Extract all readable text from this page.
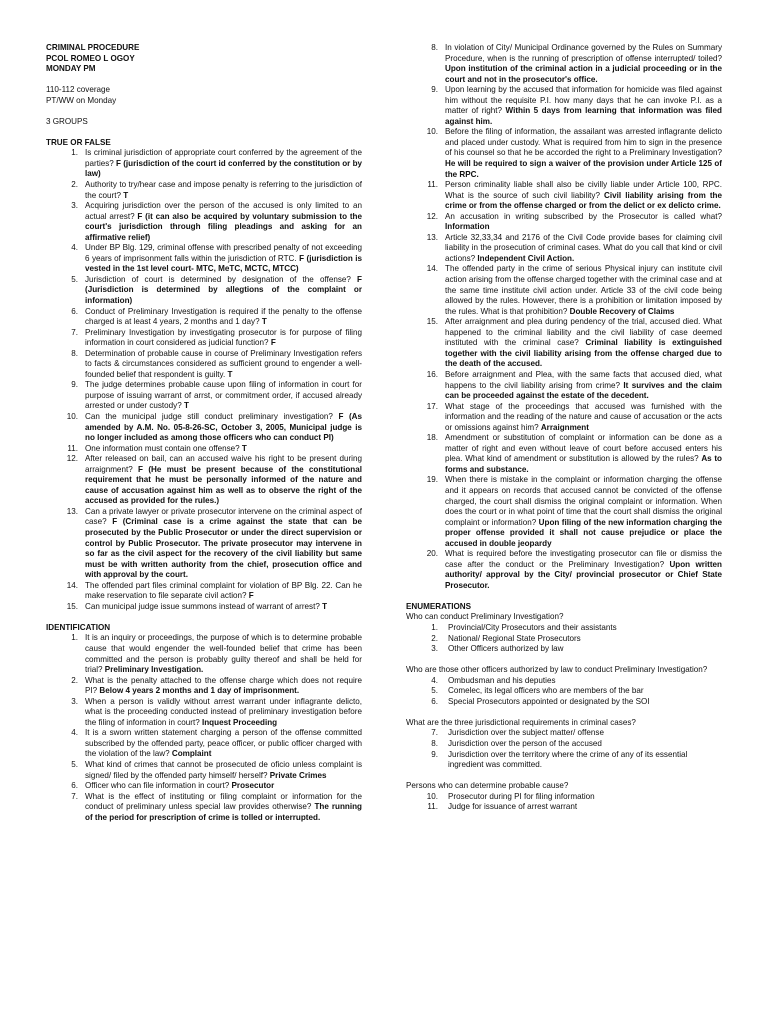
CRIMINAL PROCEDURE
PCOL ROMEO L OGOY
MONDAY PM
110-112 coverage
PT/WW on Monday
3 GROUPS
TRUE OR FALSE
1. Is criminal jurisdiction of appropriate court conferred by the agreement of the parties? F (jurisdiction of the court id conferred by the constitution or by law)
2. Authority to try/hear case and impose penalty is referring to the jurisdiction of the court? T
3. Acquiring jurisdiction over the person of the accused is only limited to an actual arrest? F (it can also be acquired by voluntary submission to the court's jurisdiction through filing pleadings and asking for an affirmative relief)
4. Under BP Blg. 129, criminal offense with prescribed penalty of not exceeding 6 years of imprisonment falls within the jurisdiction of RTC. F (jurisdiction is vested in the 1st level court- MTC, MeTC, MCTC, MTCC)
5. Jurisdiction of court is determined by designation of the offense? F (Jurisdiction is determined by allegtions of the complaint or information)
6. Conduct of Preliminary Investigation is required if the penalty to the offense charged is at least 4 years, 2 months and 1 day? T
7. Preliminary Investigation by investigating prosecutor is for purpose of filing information in court considered as judicial function? F
8. Determination of probable cause in course of Preliminary Investigation refers to facts & circumstances considered as sufficient ground to engender a well-founded belief that respondent is guilty. T
9. The judge determines probable cause upon filing of information in court for purpose of issuing warrant of arrst, or commitment order, if accused already arrested or under custody? T
10. Can the municipal judge still conduct preliminary investigation? F (As amended by A.M. No. 05-8-26-SC, October 3, 2005, Municipal judge is no longer included as among those officers who can conduct PI)
11. One information must contain one offense? T
12. After released on bail, can an accused waive his right to be present during arraignment? F (He must be present because of the constitutional requirement that he must be personally informed of the nature and cause of accusation against him as well as to observe the right of the accused as provided for the rules.)
13. Can a private lawyer or private prosecutor intervene on the criminal aspect of case? F (Criminal case is a crime against the state that can be prosecuted by the Public Prosecutor or under the direct supervision or control by Public Prosecutor. The private prosecutor may intervene in so far as the civil aspect for the recovery of the civil liability but same must be with written authority from the chief, prosecution office and with approval by the court.
14. The offended part files criminal complaint for violation of BP Blg. 22. Can he make reservation to file separate civil action? F
15. Can municipal judge issue summons instead of warrant of arrest? T
IDENTIFICATION
1. It is an inquiry or proceedings, the purpose of which is to determine probable cause that would engender the well-founded belief that crime has been committed and the person is probably guilty thereof and shall be held for trial? Preliminary Investigation.
2. What is the penalty attached to the offense charge which does not require PI? Below 4 years 2 months and 1 day of imprisonment.
3. When a person is validly without arrest warrant under inflagrante delicto, what is the proceeding conducted instead of preliminary investigation before the filing of information in court? Inquest Proceeding
4. It is a sworn written statement charging a person of the offense committed subscribed by the offended party, peace officer, or public officer charged with the violation of the law? Complaint
5. What kind of crimes that cannot be prosecuted de oficio unless complaint is signed/ filed by the offended party himself/ herself? Private Crimes
6. Officer who can file information in court? Prosecutor
7. What is the effect of instituting or filing complaint or information for the conduct of preliminary unless special law provides otherwise? The running of the period for prescription of crime is tolled or interrupted.
8. In violation of City/ Municipal Ordinance governed by the Rules on Summary Procedure, when is the running of prescription of offense interrupted/ toiled? Upon institution of the criminal action in a judicial proceeding or in the court and not in the prosecutor's office.
9. Upon learning by the accused that information for homicide was filed against him without the requisite P.I. how many days that he can invoke P.I. as a matter of right? Within 5 days from learning that information was filed against him.
10. Before the filing of information, the assailant was arrested inflagrante delicto and placed under custody. What is required from him to sign in the presence of his counsel so that he be accorded the right to a Preliminary Investigation? He will be required to sign a waiver of the provision under Article 125 of the RPC.
11. Person criminality liable shall also be civilly liable under Article 100, RPC. What is the source of such civil liability? Civil liability arising from the crime or from the offense charged or from the delict or ex delicto crime.
12. An accusation in writing subscribed by the Prosecutor is called what? Information
13. Article 32,33,34 and 2176 of the Civil Code provide bases for claiming civil liability in the prosecution of criminal cases. What do you call that kind or civil actions? Independent Civil Action.
14. The offended party in the crime of serious Physical injury can institute civil action arising from the offense charged together with the criminal case and at the same time institute civil action under. Article 33 of the civil code being allowed by the rules. However, there is a prohibition or limitation imposed by the rules. What is that prohibition? Double Recovery of Claims
15. After arraignment and plea during pendency of the trial, accused died. What happened to the criminal liability and the civil liability of case deemed instituted with the criminal case? Criminal liability is extinguished together with the civil liability arising from the offense charged due to the death of the accused.
16. Before arraignment and Plea, with the same facts that accused died, what happens to the civil liability arising from crime? It survives and the claim can be proceeded against the estate of the decedent.
17. What stage of the proceedings that accused was furnished with the information and the reading of the nature and cause of accusation or the acts or omissions against him? Arraignment
18. Amendment or substitution of complaint or information can be done as a matter of right and even without leave of court before accused enters his plea. What kind of amendment or substitution is allowed by the rules? As to forms and substance.
19. When there is mistake in the complaint or information charging the offense and it appears on records that accused cannot be convicted of the offense charged, the court shall dismiss the original complaint or information. When does the court or in what point of time that the court shall dismiss the original complaint or information? Upon filing of the new information charging the proper offense provided it shall not cause prejudice or place the accused in double jeopardy
20. What is required before the investigating prosecutor can file or dismiss the case after the conduct or the Preliminary Investigation? Upon written authority/ approval by the City/ provincial prosecutor or Chief State Prosecutor.
ENUMERATIONS
Who can conduct Preliminary Investigation?
1.	Provincial/City Prosecutors and their assistants
2.	National/ Regional State Prosecutors
3.	Other Officers authorized by law
Who are those other officers authorized by law to conduct Preliminary Investigation?
4.	Ombudsman and his deputies
5.	Comelec, its legal officers who are members of the bar
6.	Special Prosecutors appointed or designated by the SOI
What are the three jurisdictional requirements in criminal cases?
7.	Jurisdiction over the subject matter/ offense
8.	Jurisdiction over the person of the accused
9.	Jurisdiction over the territory where the crime of any of its essential ingredient was committed.
Persons who can determine probable cause?
10.	Prosecutor during PI for filing information
11.	Judge for issuance of arrest warrant
